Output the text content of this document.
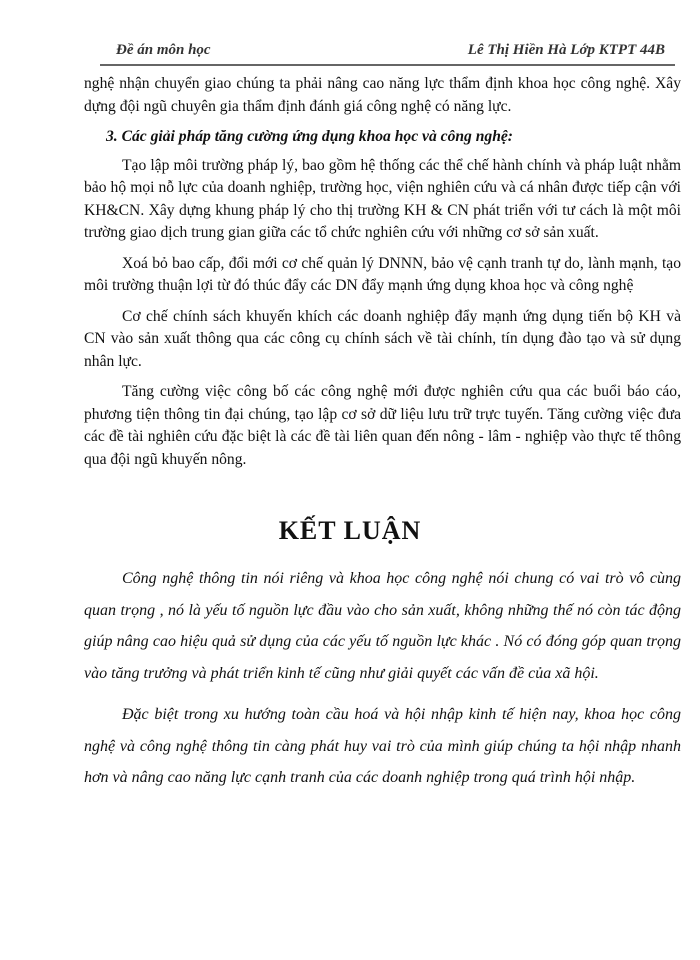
Đề án môn học	Lê Thị Hiền Hà Lớp KTPT 44B

nghệ nhận chuyển giao chúng ta phải nâng cao năng lực thẩm định khoa học công nghệ. Xây dựng đội ngũ chuyên gia thẩm định đánh giá công nghệ có năng lực.

3. Các giải pháp tăng cường ứng dụng khoa học và công nghệ:

Tạo lập môi trường pháp lý, bao gồm hệ thống các thể chế hành chính và pháp luật nhằm bảo hộ mọi nỗ lực của doanh nghiệp, trường học, viện nghiên cứu và cá nhân được tiếp cận với KH&CN. Xây dựng khung pháp lý cho thị trường KH & CN phát triển với tư cách là một môi trường giao dịch trung gian giữa các tổ chức nghiên cứu với những cơ sở sản xuất.

Xoá bỏ bao cấp, đổi mới cơ chế quản lý DNNN, bảo vệ cạnh tranh tự do, lành mạnh, tạo môi trường thuận lợi từ đó thúc đẩy các DN đẩy mạnh ứng dụng khoa học và công nghệ

Cơ chế chính sách khuyến khích các doanh nghiệp đẩy mạnh ứng dụng tiến bộ KH và CN vào sản xuất thông qua các công cụ chính sách về tài chính, tín dụng đào tạo và sử dụng nhân lực.

Tăng cường việc công bố các công nghệ mới được nghiên cứu qua các buổi báo cáo, phương tiện thông tin đại chúng, tạo lập cơ sở dữ liệu lưu trữ trực tuyến. Tăng cường việc đưa các đề tài nghiên cứu đặc biệt là các đề tài liên quan đến nông - lâm - nghiệp vào thực tế thông qua đội ngũ khuyến nông.

KẾT LUẬN

Công nghệ thông tin nói riêng và khoa học công nghệ nói chung có vai trò vô cùng quan trọng , nó là yếu tố nguồn lực đầu vào cho sản xuất, không những thế nó còn tác động giúp nâng cao hiệu quả sử dụng của các yếu tố nguồn lực khác . Nó có đóng góp quan trọng vào tăng trưởng và phát triển kinh tế cũng như giải quyết các vấn đề của xã hội.

Đặc biệt trong xu hướng toàn cầu hoá và hội nhập kinh tế hiện nay, khoa học công nghệ và công nghệ thông tin càng phát huy vai trò của mình giúp chúng ta hội nhập nhanh hơn và nâng cao năng lực cạnh tranh của các doanh nghiệp trong quá trình hội nhập.
